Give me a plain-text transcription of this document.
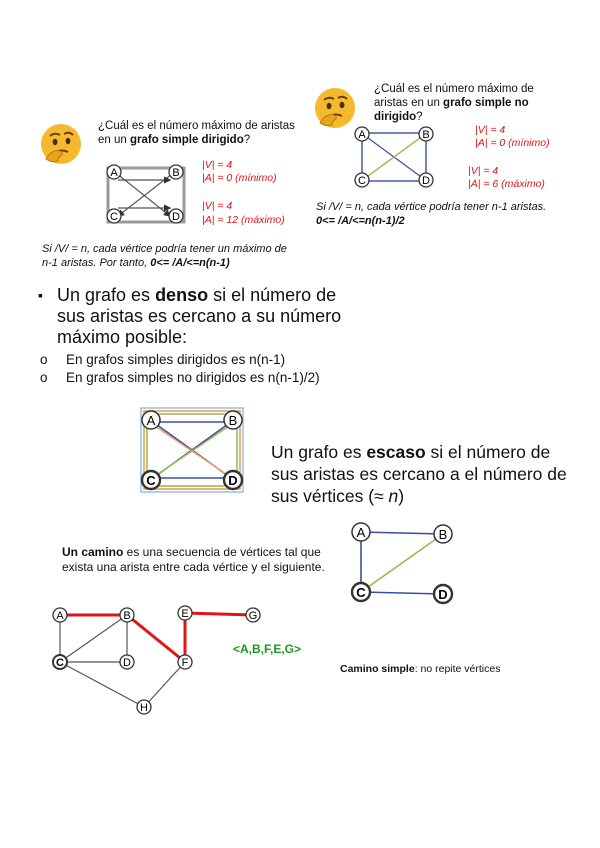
¿Cuál es el número máximo de aristas en un grafo simple dirigido?
A	B
C	D
|V| = 4
|A| = 0 (mínimo)
|V| = 4
|A| = 12 (máximo)
Si /V/ = n, cada vértice podría tener un máximo de n-1 aristas. Por tanto, 0<= /A/<=n(n-1)
¿Cuál es el número máximo de aristas en un grafo simple no dirigido?
A	B
C	D
|V| = 4
|A| = 0 (mínimo)
|V| = 4
|A| = 6 (máximo)
Si /V/ = n, cada vértice podría tener n-1 aristas.
0<= /A/<=n(n-1)/2
▪ Un grafo es denso si el número de sus aristas es cercano a su número máximo posible:
o En grafos simples dirigidos es n(n-1)
o En grafos simples no dirigidos es n(n-1)/2)
A	B
C	D
Un grafo es escaso si el número de sus aristas es cercano a el número de sus vértices (≈ n)
A	B
C	D
Un camino es una secuencia de vértices tal que exista una arista entre cada vértice y el siguiente.
A	B
C	D
E
F
G
H
<A,B,F,E,G>
Camino simple: no repite vértices
